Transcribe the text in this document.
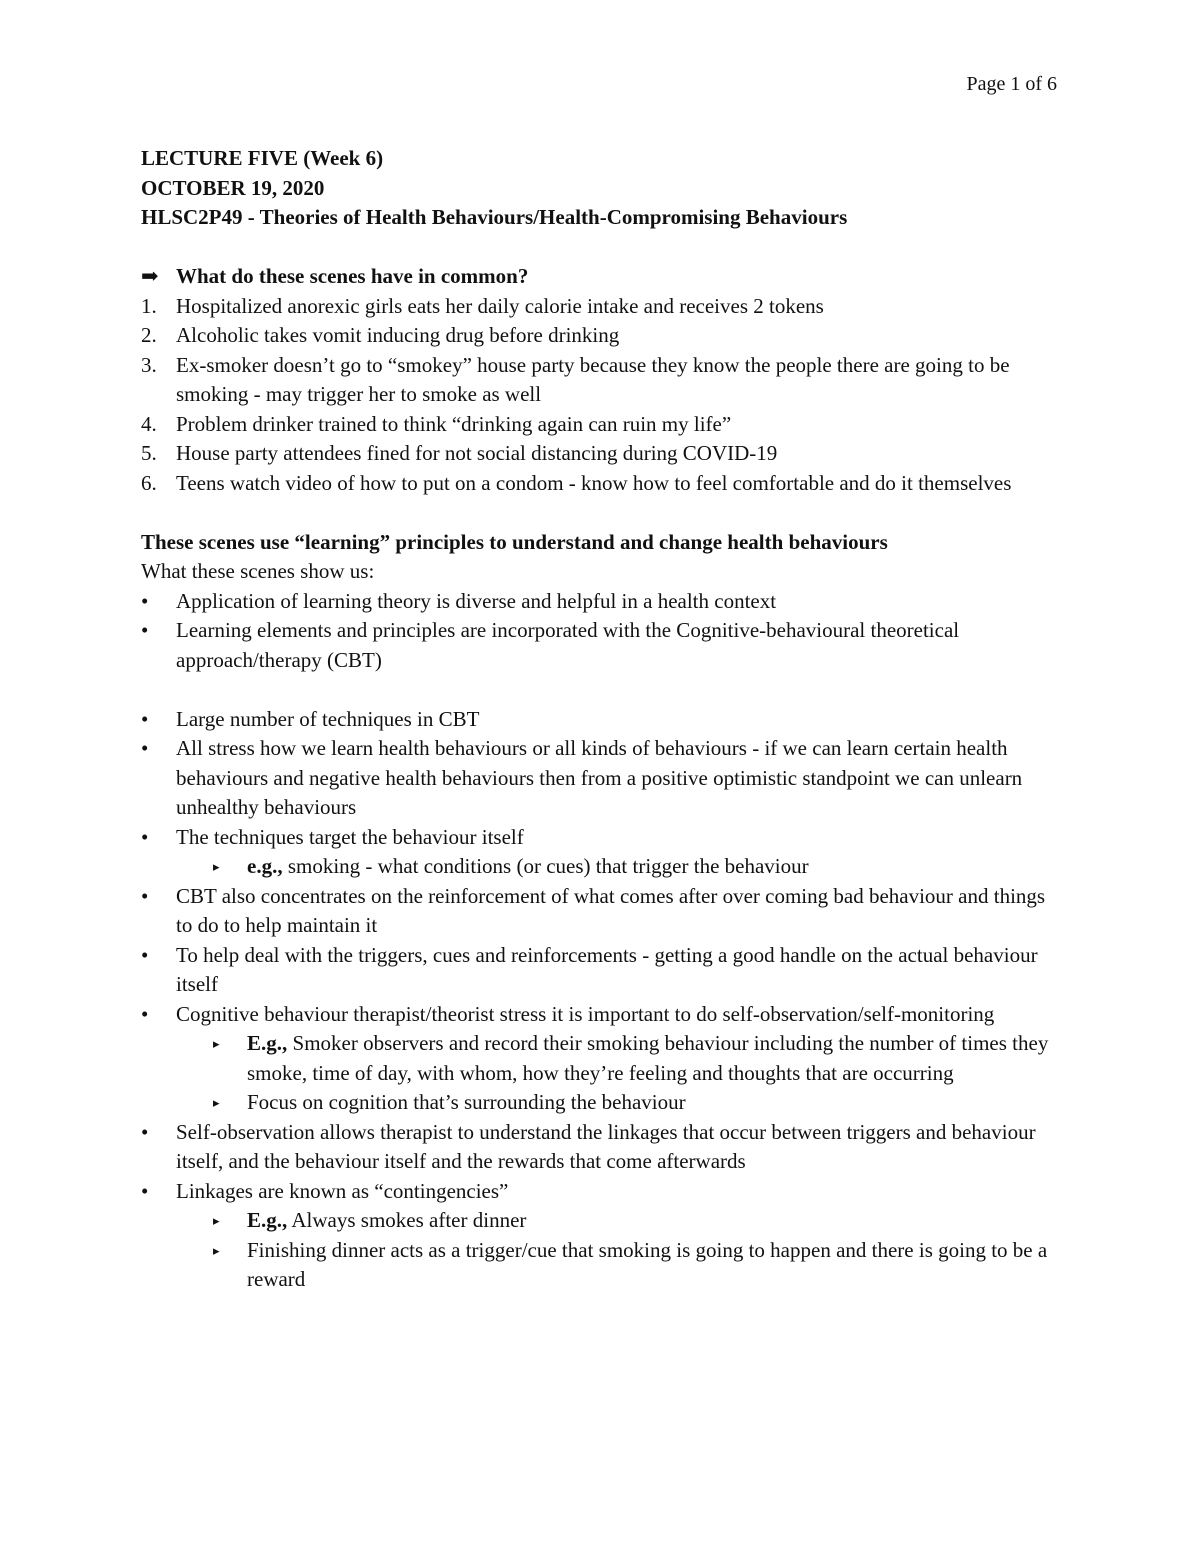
Page 1 of 6
LECTURE FIVE (Week 6)
OCTOBER 19, 2020
HLSC2P49 - Theories of Health Behaviours/Health-Compromising Behaviours
➡ What do these scenes have in common?
1. Hospitalized anorexic girls eats her daily calorie intake and receives 2 tokens
2. Alcoholic takes vomit inducing drug before drinking
3. Ex-smoker doesn’t go to “smokey” house party because they know the people there are going to be smoking - may trigger her to smoke as well
4. Problem drinker trained to think “drinking again can ruin my life”
5. House party attendees fined for not social distancing during COVID-19
6. Teens watch video of how to put on a condom - know how to feel comfortable and do it themselves
These scenes use “learning” principles to understand and change health behaviours
What these scenes show us:
•	Application of learning theory is diverse and helpful in a health context
•	Learning elements and principles are incorporated with the Cognitive-behavioural theoretical approach/therapy (CBT)
•	Large number of techniques in CBT
•	All stress how we learn health behaviours or all kinds of behaviours - if we can learn certain health behaviours and negative health behaviours then from a positive optimistic standpoint we can unlearn unhealthy behaviours
•	The techniques target the behaviour itself
▸	e.g., smoking - what conditions (or cues) that trigger the behaviour
•	CBT also concentrates on the reinforcement of what comes after over coming bad behaviour and things to do to help maintain it
•	To help deal with the triggers, cues and reinforcements - getting a good handle on the actual behaviour itself
•	Cognitive behaviour therapist/theorist stress it is important to do self-observation/self-monitoring
▸	E.g., Smoker observers and record their smoking behaviour including the number of times they smoke, time of day, with whom, how they’re feeling and thoughts that are occurring
▸	Focus on cognition that’s surrounding the behaviour
•	Self-observation allows therapist to understand the linkages that occur between triggers and behaviour itself, and the behaviour itself and the rewards that come afterwards
•	Linkages are known as “contingencies”
▸	E.g., Always smokes after dinner
▸	Finishing dinner acts as a trigger/cue that smoking is going to happen and there is going to be a reward
